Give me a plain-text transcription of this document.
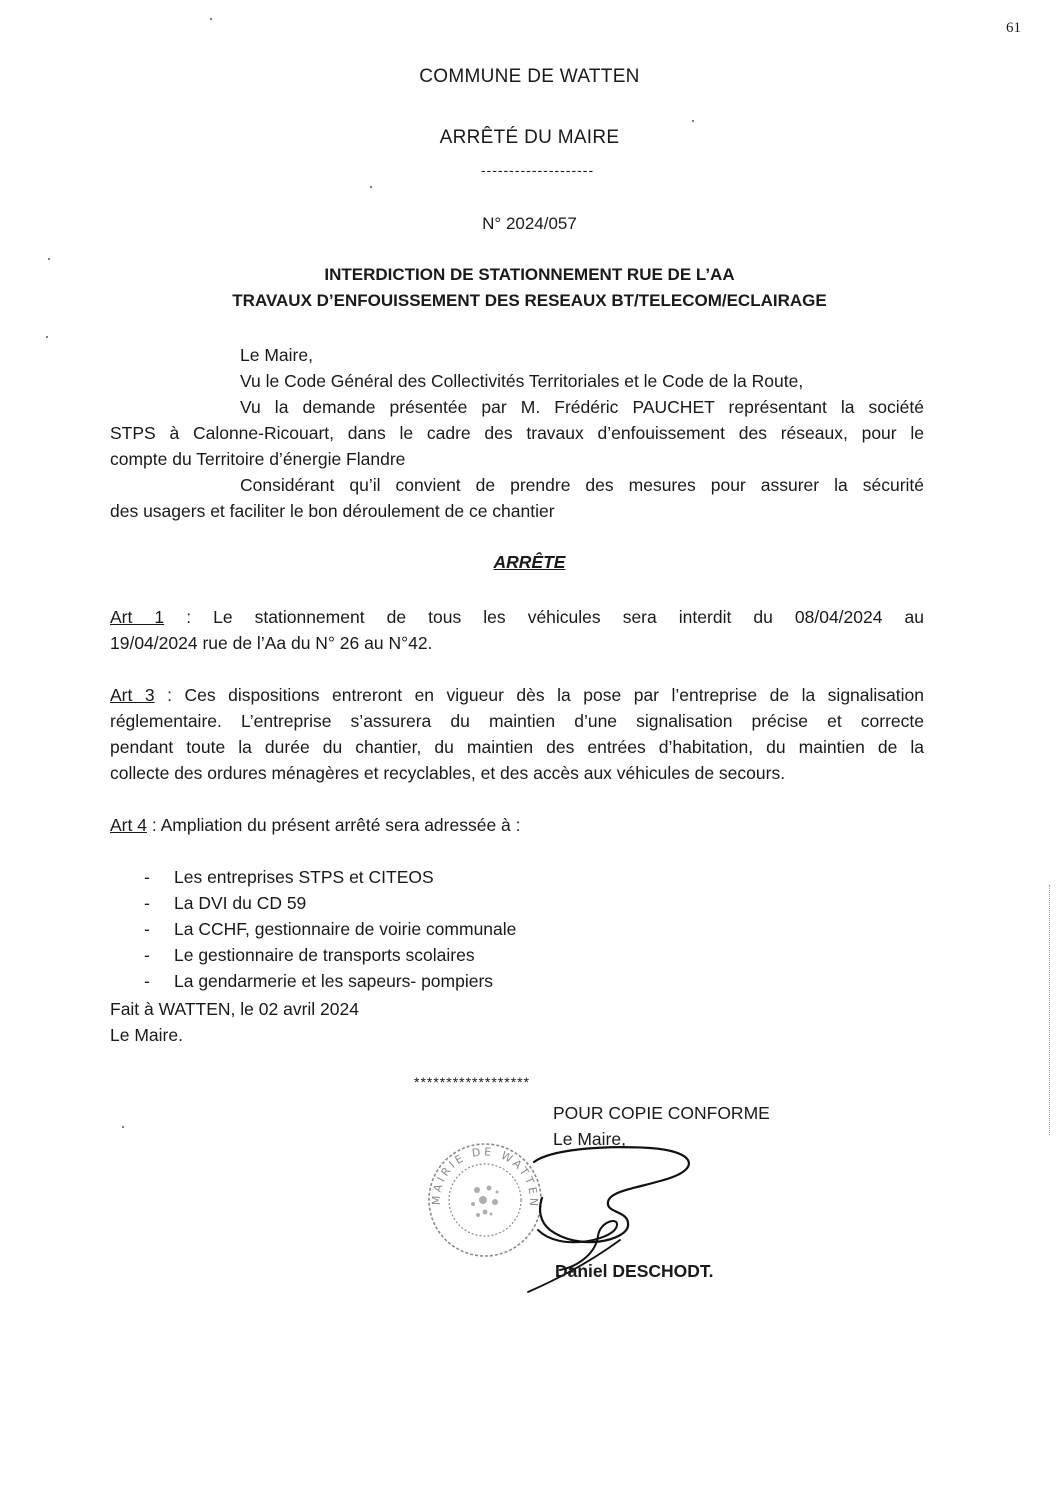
61
COMMUNE DE WATTEN
ARRÊTÉ DU MAIRE
--------------------
N° 2024/057
INTERDICTION DE STATIONNEMENT RUE DE L’AA
TRAVAUX D’ENFOUISSEMENT DES RESEAUX BT/TELECOM/ECLAIRAGE
Le Maire,
Vu le Code Général des Collectivités Territoriales et le Code de la Route,
Vu la demande présentée par M. Frédéric PAUCHET représentant la société
STPS à Calonne-Ricouart, dans le cadre des travaux d’enfouissement des réseaux, pour le
compte du Territoire d’énergie Flandre
Considérant qu’il convient de prendre des mesures pour assurer la sécurité
des usagers et faciliter le bon déroulement de ce chantier
ARRÊTE
Art 1 : Le stationnement de tous les véhicules sera interdit du 08/04/2024 au
19/04/2024 rue de l’Aa du N° 26 au N°42.
Art 3 : Ces dispositions entreront en vigueur dès la pose par l’entreprise de la signalisation
réglementaire. L’entreprise s’assurera du maintien d’une signalisation précise et correcte
pendant toute la durée du chantier, du maintien des entrées d’habitation, du maintien de la
collecte des ordures ménagères et recyclables, et des accès aux véhicules de secours.
Art 4 : Ampliation du présent arrêté sera adressée à :
- Les entreprises STPS et CITEOS
- La DVI du CD 59
- La CCHF, gestionnaire de voirie communale
- Le gestionnaire de transports scolaires
- La gendarmerie et les sapeurs- pompiers
Fait à WATTEN, le 02 avril 2024
Le Maire.
******************
POUR COPIE CONFORME
Le Maire,
MAIRIE DE WATTEN
Daniel DESCHODT.
